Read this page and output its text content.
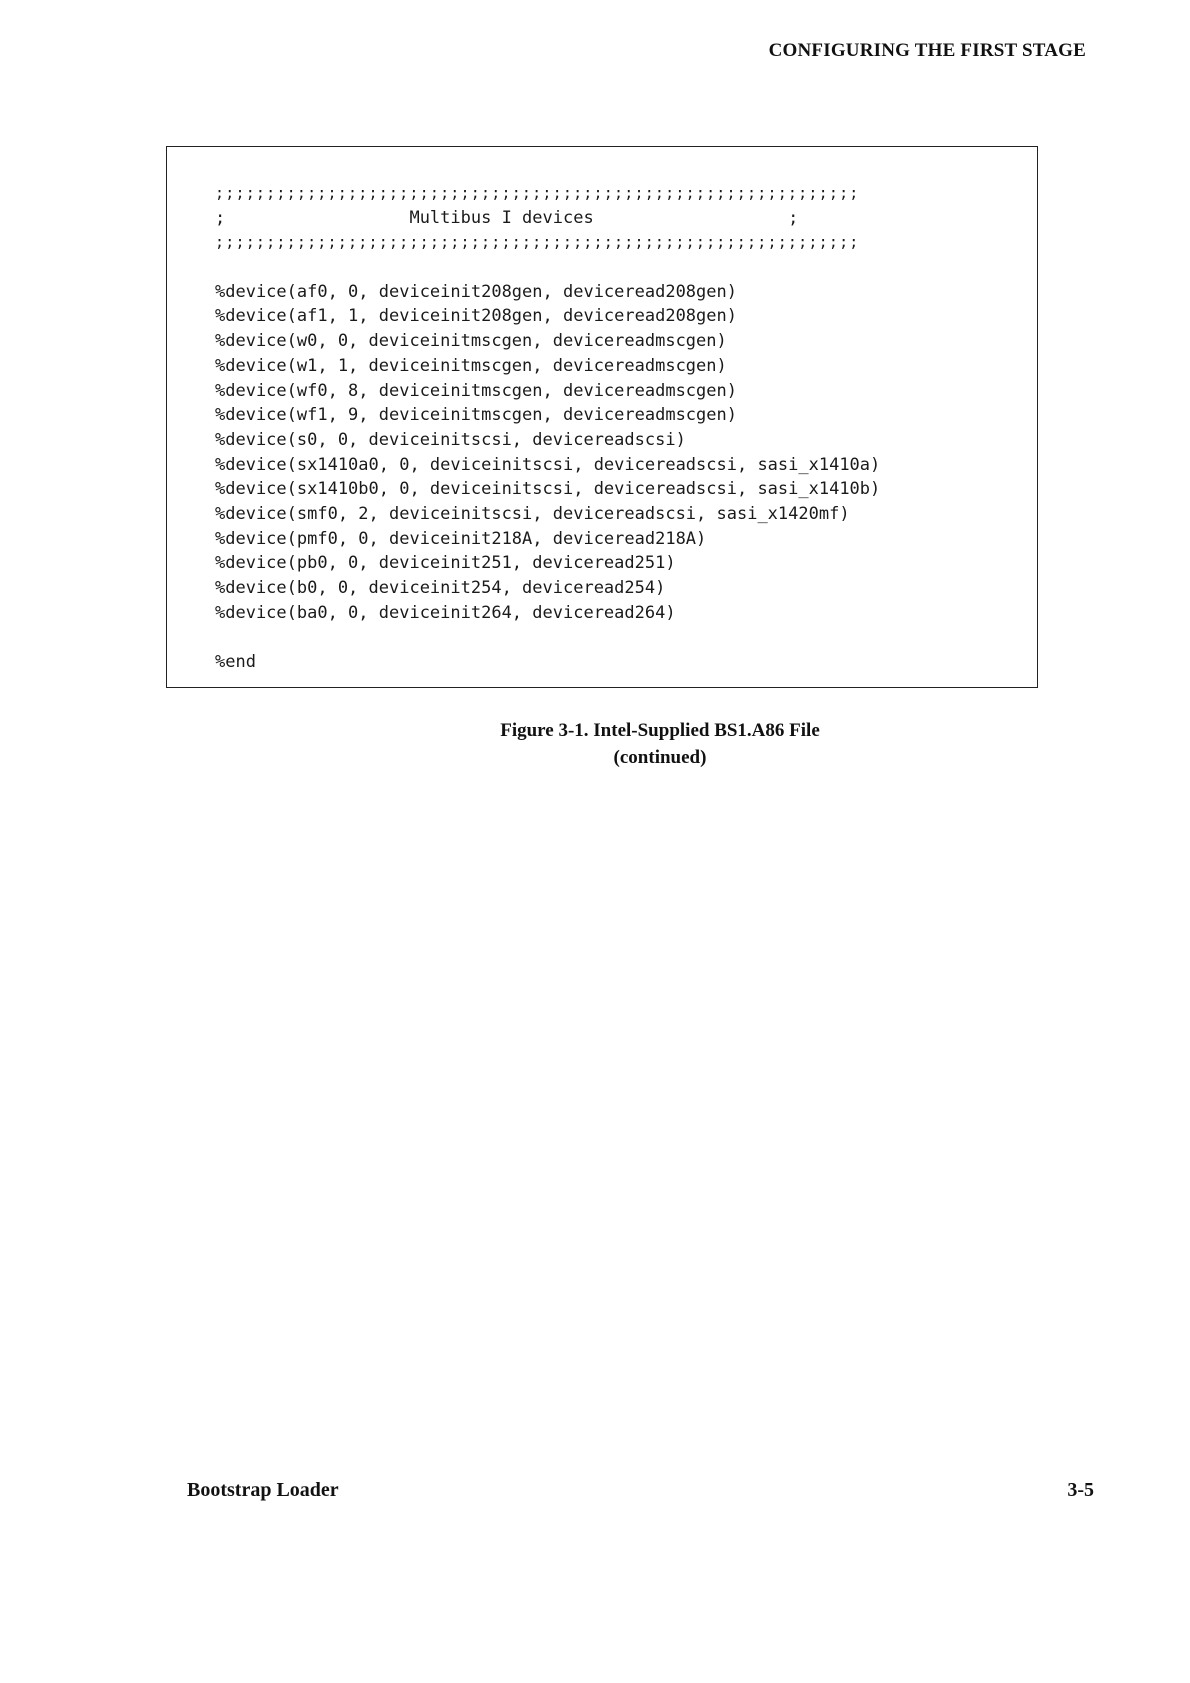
CONFIGURING THE FIRST STAGE
;;;;;;;;;;;;;;;;;;;;;;;;;;;;;;;;;;;;;;;;;;;;;;;;;;;;;;;;;;;;;;;
;                  Multibus I devices                   ;
;;;;;;;;;;;;;;;;;;;;;;;;;;;;;;;;;;;;;;;;;;;;;;;;;;;;;;;;;;;;;;;
%device(af0, 0, deviceinit208gen, deviceread208gen)
%device(af1, 1, deviceinit208gen, deviceread208gen)
%device(w0, 0, deviceinitmscgen, devicereadmscgen)
%device(w1, 1, deviceinitmscgen, devicereadmscgen)
%device(wf0, 8, deviceinitmscgen, devicereadmscgen)
%device(wf1, 9, deviceinitmscgen, devicereadmscgen)
%device(s0, 0, deviceinitscsi, devicereadscsi)
%device(sx1410a0, 0, deviceinitscsi, devicereadscsi, sasi_x1410a)
%device(sx1410b0, 0, deviceinitscsi, devicereadscsi, sasi_x1410b)
%device(smf0, 2, deviceinitscsi, devicereadscsi, sasi_x1420mf)
%device(pmf0, 0, deviceinit218A, deviceread218A)
%device(pb0, 0, deviceinit251, deviceread251)
%device(b0, 0, deviceinit254, deviceread254)
%device(ba0, 0, deviceinit264, deviceread264)
%end
Figure 3-1. Intel-Supplied BS1.A86 File
(continued)
Bootstrap Loader	3-5
